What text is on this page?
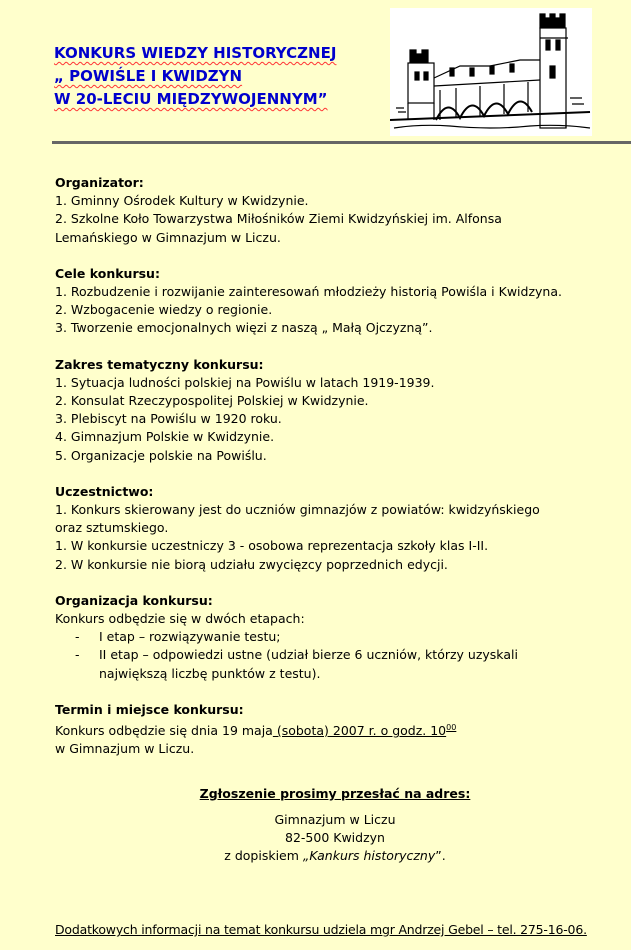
KONKURS WIEDZY HISTORYCZNEJ
„ POWIŚLE I KWIDZYN
W 20-LECIU MIĘDZYWOJENNYM”
Organizator:
1. Gminny Ośrodek Kultury w Kwidzynie.
2. Szkolne Koło Towarzystwa Miłośników Ziemi Kwidzyńskiej im. Alfonsa
Lemańskiego w Gimnazjum w Liczu.
Cele konkursu:
1. Rozbudzenie i rozwijanie zainteresowań młodzieży historią Powiśla i Kwidzyna.
2. Wzbogacenie wiedzy o regionie.
3. Tworzenie emocjonalnych więzi z naszą „ Małą Ojczyzną”.
Zakres tematyczny konkursu:
1. Sytuacja ludności polskiej na Powiślu w latach 1919-1939.
2. Konsulat Rzeczypospolitej Polskiej w Kwidzynie.
3. Plebiscyt na Powiślu w 1920 roku.
4. Gimnazjum Polskie w Kwidzynie.
5. Organizacje polskie na Powiślu.
Uczestnictwo:
1. Konkurs skierowany jest do uczniów gimnazjów z powiatów: kwidzyńskiego
oraz sztumskiego.
1. W konkursie uczestniczy 3 - osobowa reprezentacja szkoły klas I-II.
2. W konkursie nie biorą udziału zwycięzcy poprzednich edycji.
Organizacja konkursu:
Konkurs odbędzie się w dwóch etapach:
-	I etap – rozwiązywanie testu;
-	II etap – odpowiedzi ustne (udział bierze 6 uczniów, którzy uzyskali
największą liczbę punktów z testu).
Termin i miejsce konkursu:
Konkurs odbędzie się dnia 19 maja (sobota) 2007 r. o godz. $10^{00}$
w Gimnazjum w Liczu.
Zgłoszenie prosimy przesłać na adres:
Gimnazjum w Liczu
82-500 Kwidzyn
z dopiskiem „Kankurs historyczny”.
Dodatkowych informacji na temat konkursu udziela mgr Andrzej Gebel – tel. 275-16-06.
